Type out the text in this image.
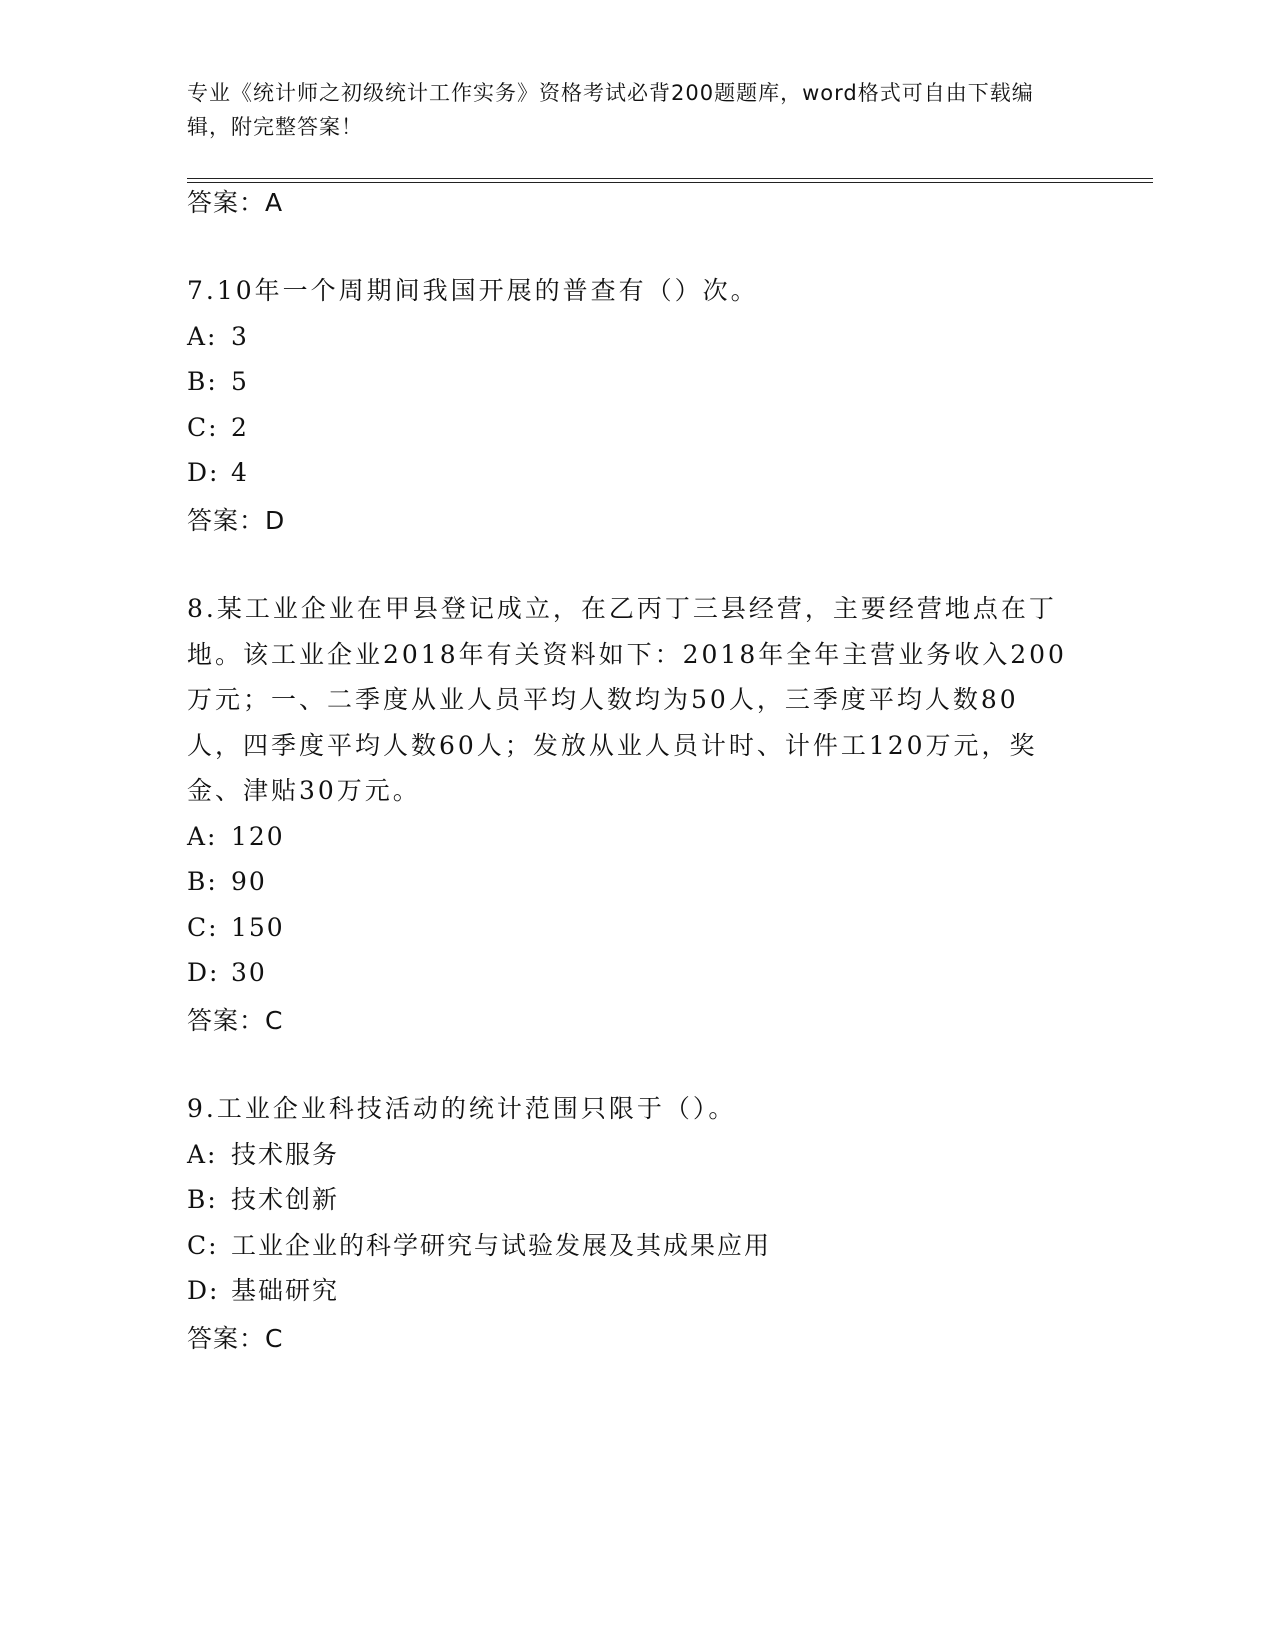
专业《统计师之初级统计工作实务》资格考试必背200题题库，word格式可自由下载编辑，附完整答案！
答案：A

7.10年一个周期间我国开展的普查有（）次。

A: 3

B: 5

C: 2

D: 4

答案：D

8.某工业企业在甲县登记成立，在乙丙丁三县经营，主要经营地点在丁地。该工业企业2018年有关资料如下：2018年全年主营业务收入200万元；一、二季度从业人员平均人数均为50人，三季度平均人数80人，四季度平均人数60人；发放从业人员计时、计件工120万元，奖金、津贴30万元。

A: 120

B: 90

C: 150

D: 30

答案：C

9.工业企业科技活动的统计范围只限于（）。

A: 技术服务

B: 技术创新

C: 工业企业的科学研究与试验发展及其成果应用

D: 基础研究

答案：C
